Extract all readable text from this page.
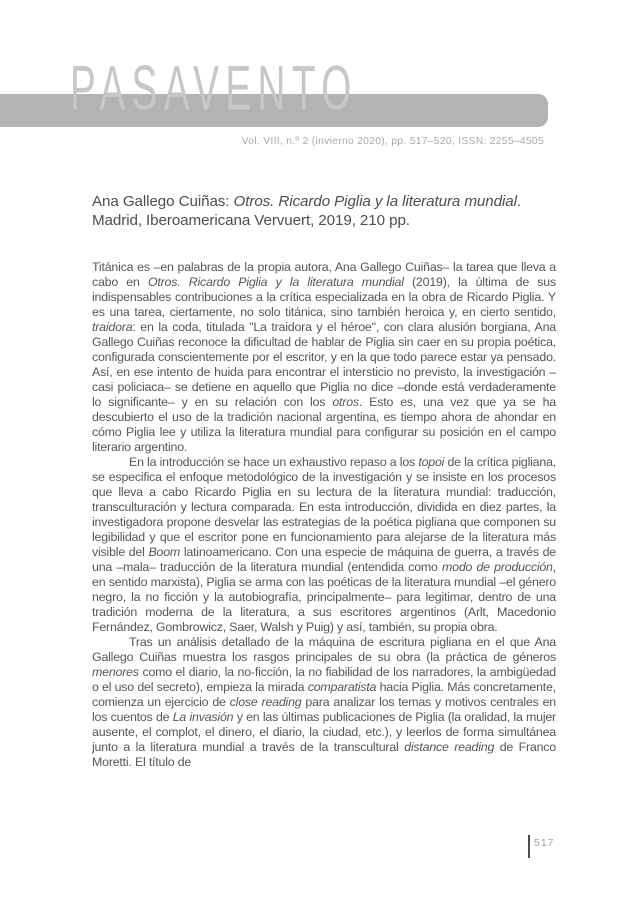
PASAVENTO
Revista de Estudios Hispánicos
Vol. VIII, n.º 2 (invierno 2020), pp. 517–520, ISSN: 2255–4505
Ana Gallego Cuiñas: Otros. Ricardo Piglia y la literatura mundial. Madrid, Iberoamericana Vervuert, 2019, 210 pp.

Titánica es –en palabras de la propia autora, Ana Gallego Cuiñas– la tarea que lleva a cabo en Otros. Ricardo Piglia y la literatura mundial (2019), la última de sus indispensables contribuciones a la crítica especializada en la obra de Ricardo Piglia. Y es una tarea, ciertamente, no solo titánica, sino también heroica y, en cierto sentido, traidora: en la coda, titulada "La traidora y el héroe", con clara alusión borgiana, Ana Gallego Cuiñas reconoce la dificultad de hablar de Piglia sin caer en su propia poética, configurada conscientemente por el escritor, y en la que todo parece estar ya pensado. Así, en ese intento de huida para encontrar el intersticio no previsto, la investigación –casi policiaca– se detiene en aquello que Piglia no dice –donde está verdaderamente lo significante– y en su relación con los otros. Esto es, una vez que ya se ha descubierto el uso de la tradición nacional argentina, es tiempo ahora de ahondar en cómo Piglia lee y utiliza la literatura mundial para configurar su posición en el campo literario argentino.

En la introducción se hace un exhaustivo repaso a los topoi de la crítica pigliana, se especifica el enfoque metodológico de la investigación y se insiste en los procesos que lleva a cabo Ricardo Piglia en su lectura de la literatura mundial: traducción, transculturación y lectura comparada. En esta introducción, dividida en diez partes, la investigadora propone desvelar las estrategias de la poética pigliana que componen su legibilidad y que el escritor pone en funcionamiento para alejarse de la literatura más visible del Boom latinoamericano. Con una especie de máquina de guerra, a través de una –mala– traducción de la literatura mundial (entendida como modo de producción, en sentido marxista), Piglia se arma con las poéticas de la literatura mundial –el género negro, la no ficción y la autobiografía, principalmente– para legitimar, dentro de una tradición moderna de la literatura, a sus escritores argentinos (Arlt, Macedonio Fernández, Gombrowicz, Saer, Walsh y Puig) y así, también, su propia obra.

Tras un análisis detallado de la máquina de escritura pigliana en el que Ana Gallego Cuiñas muestra los rasgos principales de su obra (la práctica de géneros menores como el diario, la no-ficción, la no fiabilidad de los narradores, la ambigüedad o el uso del secreto), empieza la mirada comparatista hacia Piglia. Más concretamente, comienza un ejercicio de close reading para analizar los temas y motivos centrales en los cuentos de La invasión y en las últimas publicaciones de Piglia (la oralidad, la mujer ausente, el complot, el dinero, el diario, la ciudad, etc.), y leerlos de forma simultánea junto a la literatura mundial a través de la transcultural distance reading de Franco Moretti. El título de

517
